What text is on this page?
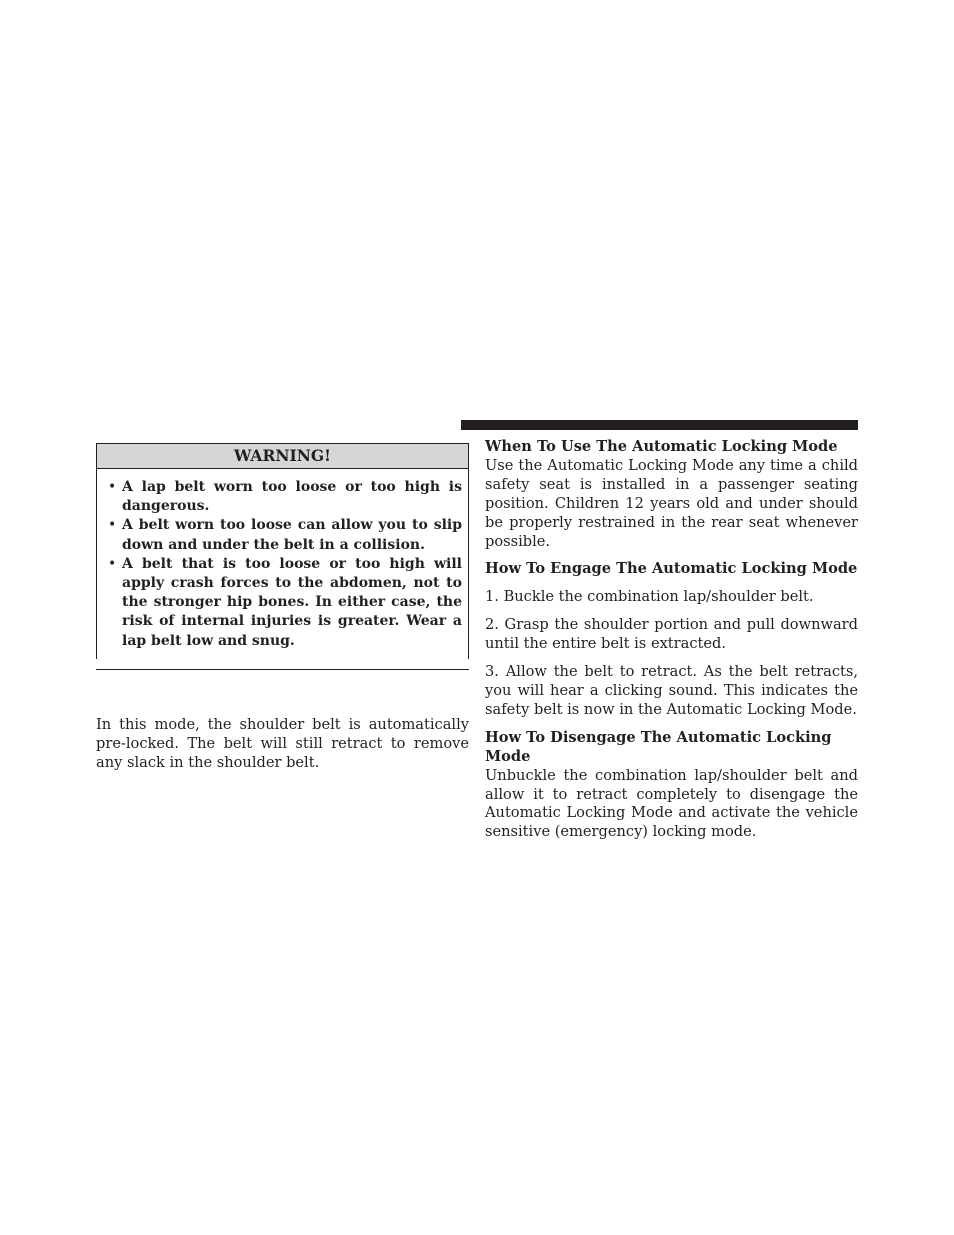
WARNING!
• A lap belt worn too loose or too high is dangerous.
• A belt worn too loose can allow you to slip down and under the belt in a collision.
• A belt that is too loose or too high will apply crash forces to the abdomen, not to the stronger hip bones. In either case, the risk of internal injuries is greater. Wear a lap belt low and snug.

In this mode, the shoulder belt is automatically pre-locked. The belt will still retract to remove any slack in the shoulder belt.

When To Use The Automatic Locking Mode

Use the Automatic Locking Mode any time a child safety seat is installed in a passenger seating position. Children 12 years old and under should be properly restrained in the rear seat whenever possible.

How To Engage The Automatic Locking Mode

1. Buckle the combination lap/shoulder belt.

2. Grasp the shoulder portion and pull downward until the entire belt is extracted.

3. Allow the belt to retract. As the belt retracts, you will hear a clicking sound. This indicates the safety belt is now in the Automatic Locking Mode.

How To Disengage The Automatic Locking Mode

Unbuckle the combination lap/shoulder belt and allow it to retract completely to disengage the Automatic Locking Mode and activate the vehicle sensitive (emergency) locking mode.
